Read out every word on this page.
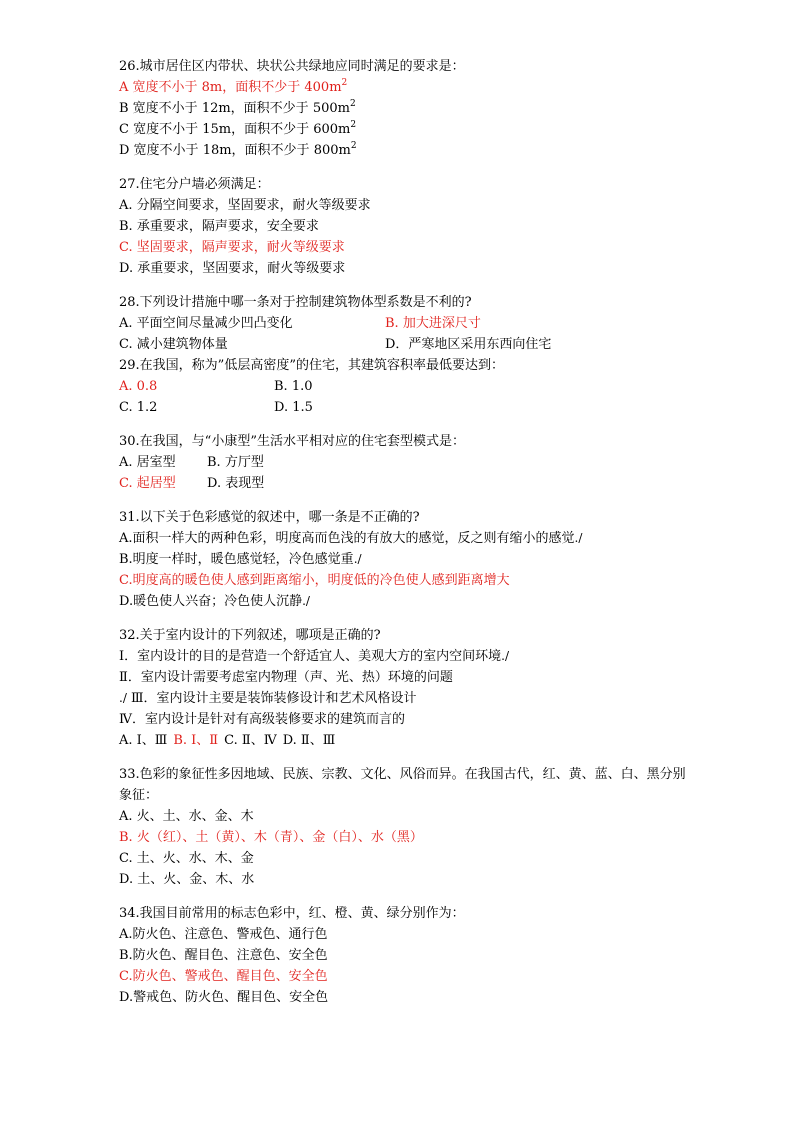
26.城市居住区内带状、块状公共绿地应同时满足的要求是：
A 宽度不小于 8m，面积不少于 $400m^2$
B 宽度不小于 12m，面积不少于 $500m^2$
C 宽度不小于 15m，面积不少于 $600m^2$
D 宽度不小于 18m，面积不少于 $800m^2$
27.住宅分户墙必须满足：
A. 分隔空间要求，坚固要求，耐火等级要求
B. 承重要求，隔声要求，安全要求
C. 坚固要求，隔声要求，耐火等级要求
D. 承重要求，坚固要求，耐火等级要求
28.下列设计措施中哪一条对于控制建筑物体型系数是不利的?
A. 平面空间尽量减少凹凸变化	B. 加大进深尺寸
C. 减小建筑物体量	D．严寒地区采用东西向住宅
29.在我国，称为”低层高密度”的住宅，其建筑容积率最低要达到：
A. 0.8	B. 1.0
C. 1.2	D. 1.5
30.在我国，与“小康型”生活水平相对应的住宅套型模式是：
A. 居室型	B. 方厅型
C. 起居型	D. 表现型
31.以下关于色彩感觉的叙述中，哪一条是不正确的?
A.面积一样大的两种色彩，明度高而色浅的有放大的感觉，反之则有缩小的感觉./
B.明度一样时，暖色感觉轻，冷色感觉重./
C.明度高的暖色使人感到距离缩小，明度低的冷色使人感到距离增大
D.暖色使人兴奋；冷色使人沉静./
32.关于室内设计的下列叙述，哪项是正确的?
Ⅰ．室内设计的目的是营造一个舒适宜人、美观大方的室内空间环境./
Ⅱ．室内设计需要考虑室内物理（声、光、热）环境的问题
./ Ⅲ．室内设计主要是装饰装修设计和艺术风格设计
Ⅳ．室内设计是针对有高级装修要求的建筑而言的
A. Ⅰ、Ⅲ B. Ⅰ、Ⅱ C. Ⅱ、Ⅳ D. Ⅱ、Ⅲ
33.色彩的象征性多因地域、民族、宗教、文化、风俗而异。在我国古代，红、黄、蓝、白、黑分别象征：
A. 火、土、水、金、木
B. 火（红）、土（黄）、木（青）、金（白）、水（黑）
C. 土、火、水、木、金
D. 土、火、金、木、水
34.我国目前常用的标志色彩中，红、橙、黄、绿分别作为：
A.防火色、注意色、警戒色、通行色
B.防火色、醒目色、注意色、安全色
C.防火色、警戒色、醒目色、安全色
D.警戒色、防火色、醒目色、安全色
